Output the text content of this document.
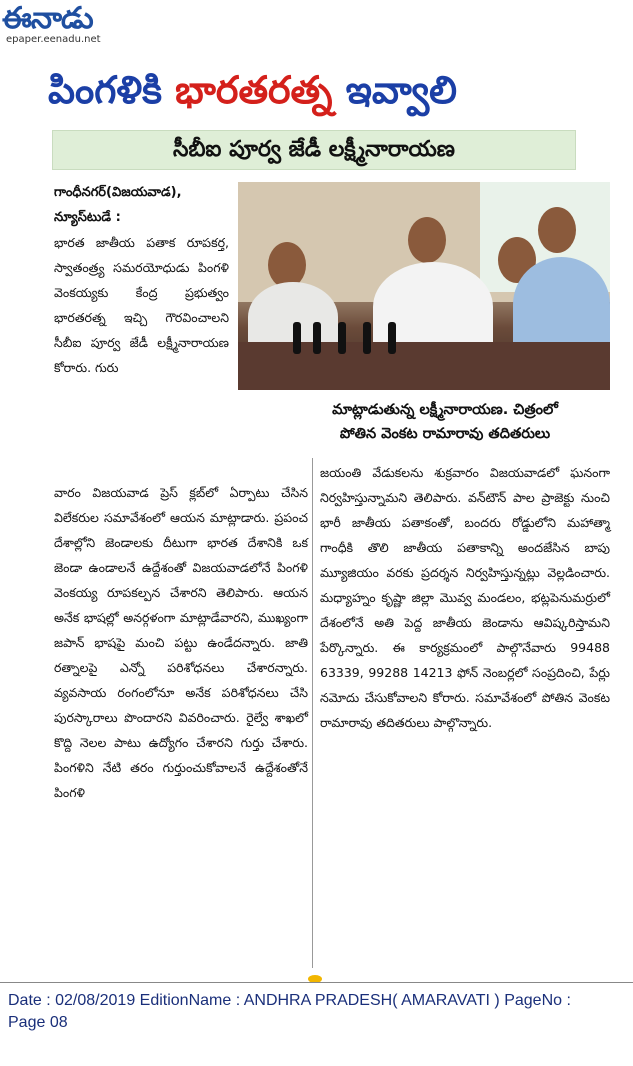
ఈనాడు
epaper.eenadu.net
పింగళికి భారతరత్న ఇవ్వాలి
సీబీఐ పూర్వ జేడీ లక్ష్మీనారాయణ
గాంధీనగర్(విజయవాడ), న్యూస్‌టుడే :
భారత జాతీయ పతాక రూపకర్త, స్వాతంత్ర్య సమరయోధుడు పింగళి వెంకయ్యకు కేంద్ర ప్రభుత్వం భారతరత్న ఇచ్చి గౌరవించాలని సీబీఐ పూర్వ జేడీ లక్ష్మీనారాయణ కోరారు. గురు
మాట్లాడుతున్న లక్ష్మీనారాయణ. చిత్రంలో
పోతిన వెంకట రామారావు తదితరులు
వారం విజయవాడ ప్రెస్ క్లబ్‌లో ఏర్పాటు చేసిన విలేకరుల సమావేశంలో ఆయన మాట్లాడారు. ప్రపంచ దేశాల్లోని జెండాలకు దీటుగా భారత దేశానికి ఒక జెండా ఉండాలనే ఉద్దేశంతో విజయవాడలోనే పింగళి వెంకయ్య రూపకల్పన చేశారని తెలిపారు. ఆయన అనేక భాషల్లో అనర్గళంగా మాట్లాడేవారని, ముఖ్యంగా జపాన్ భాషపై మంచి పట్టు ఉండేదన్నారు. జాతి రత్నాలపై ఎన్నో పరిశోధనలు చేశారన్నారు. వ్యవసాయ రంగంలోనూ అనేక పరిశోధనలు చేసి పురస్కారాలు పొందారని వివరించారు. రైల్వే శాఖలో కొద్ది నెలల పాటు ఉద్యోగం చేశారని గుర్తు చేశారు. పింగళిని నేటి తరం గుర్తుంచుకోవాలనే ఉద్దేశంతోనే పింగళి
జయంతి వేడుకలను శుక్రవారం విజయవాడలో ఘనంగా నిర్వహిస్తున్నామని తెలిపారు. వన్‌టౌన్ పాల ప్రాజెక్టు నుంచి భారీ జాతీయ పతాకంతో, బందరు రోడ్డులోని మహాత్మా గాంధీకి తొలి జాతీయ పతాకాన్ని అందజేసిన బాపు మ్యూజియం వరకు ప్రదర్శన నిర్వహిస్తున్నట్లు వెల్లడించారు. మధ్యాహ్నం కృష్ణా జిల్లా మొవ్వ మండలం, భట్లపెనుమర్రులో దేశంలోనే అతి పెద్ద జాతీయ జెండాను ఆవిష్కరిస్తామని పేర్కొన్నారు. ఈ కార్యక్రమంలో పాల్గొనేవారు 99488 63339, 99288 14213 ఫోన్ నెంబర్లలో సంప్రదించి, పేర్లు నమోదు చేసుకోవాలని కోరారు. సమావేశంలో పోతిన వెంకట రామారావు తదితరులు పాల్గొన్నారు.
Date : 02/08/2019 EditionName : ANDHRA PRADESH( AMARAVATI ) PageNo : Page 08
